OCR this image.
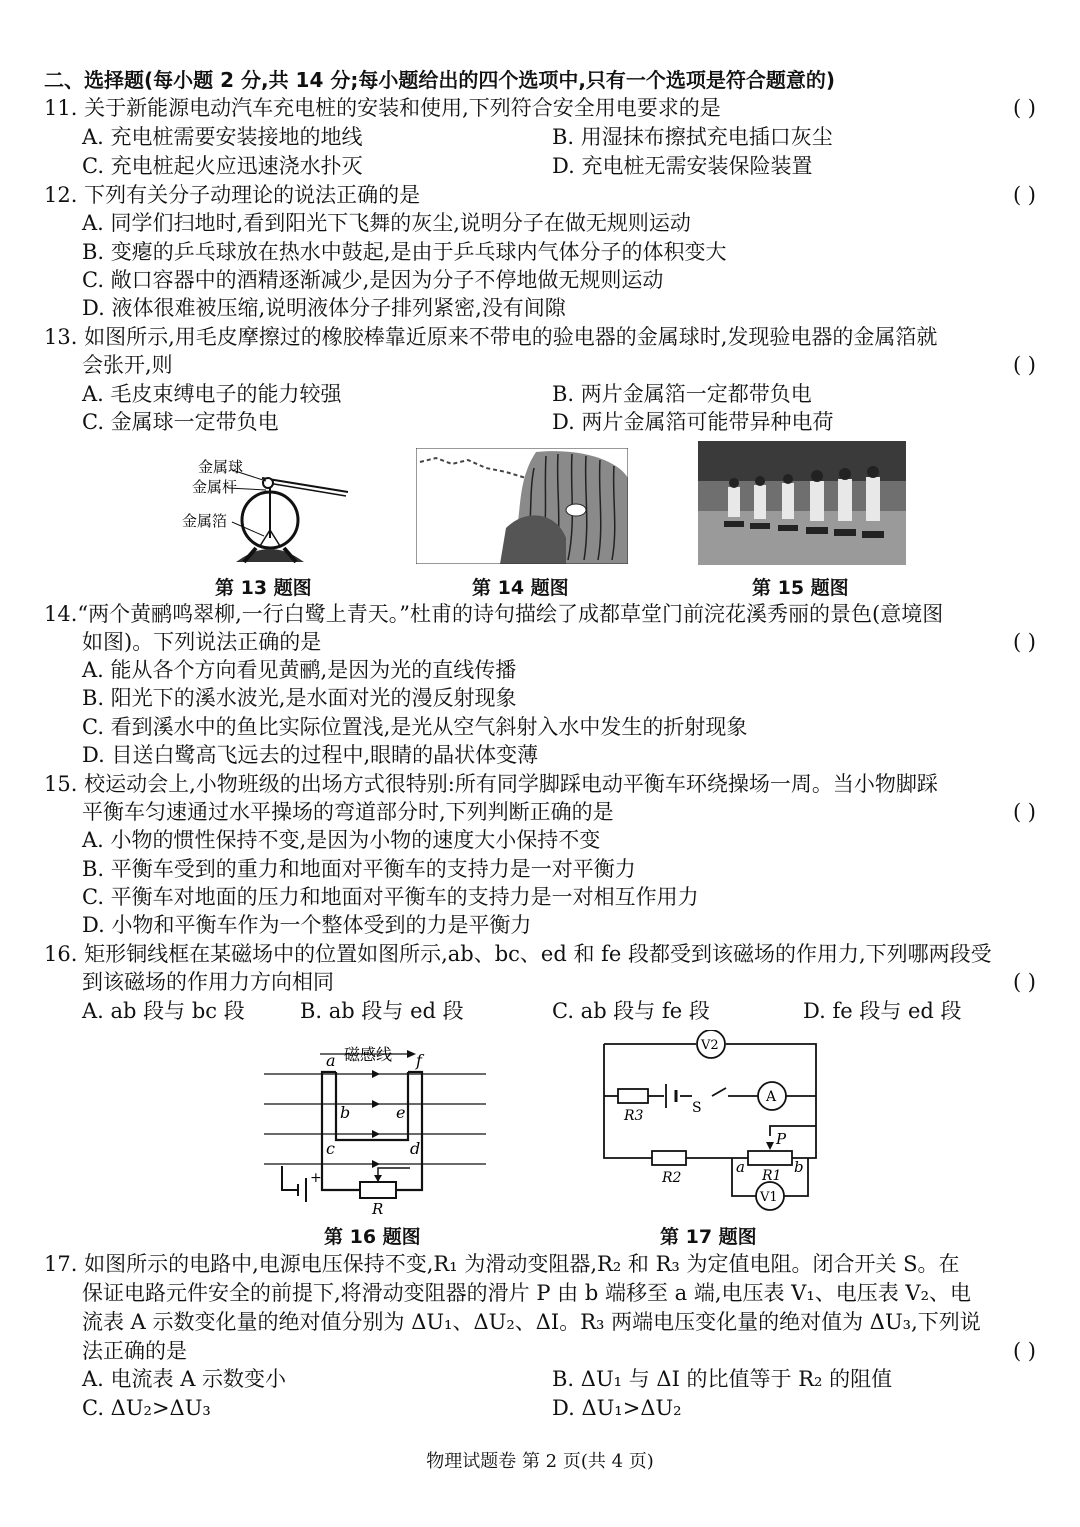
二、选择题(每小题 2 分,共 14 分;每小题给出的四个选项中,只有一个选项是符合题意的)
11. 关于新能源电动汽车充电桩的安装和使用,下列符合安全用电要求的是	( )
A. 充电桩需要安装接地的地线	B. 用湿抹布擦拭充电插口灰尘
C. 充电桩起火应迅速浇水扑灭	D. 充电桩无需安装保险装置
12. 下列有关分子动理论的说法正确的是	( )
A. 同学们扫地时,看到阳光下飞舞的灰尘,说明分子在做无规则运动
B. 变瘪的乒乓球放在热水中鼓起,是由于乒乓球内气体分子的体积变大
C. 敞口容器中的酒精逐渐减少,是因为分子不停地做无规则运动
D. 液体很难被压缩,说明液体分子排列紧密,没有间隙
13. 如图所示,用毛皮摩擦过的橡胶棒靠近原来不带电的验电器的金属球时,发现验电器的金属箔就
会张开,则	( )
A. 毛皮束缚电子的能力较强	B. 两片金属箔一定都带负电
C. 金属球一定带负电	D. 两片金属箔可能带异种电荷
金属球
金属杆
金属箔
第 13 题图	第 14 题图	第 15 题图
14.“两个黄鹂鸣翠柳,一行白鹭上青天。”杜甫的诗句描绘了成都草堂门前浣花溪秀丽的景色(意境图
如图)。下列说法正确的是	( )
A. 能从各个方向看见黄鹂,是因为光的直线传播
B. 阳光下的溪水波光,是水面对光的漫反射现象
C. 看到溪水中的鱼比实际位置浅,是光从空气斜射入水中发生的折射现象
D. 目送白鹭高飞远去的过程中,眼睛的晶状体变薄
15. 校运动会上,小物班级的出场方式很特别:所有同学脚踩电动平衡车环绕操场一周。当小物脚踩
平衡车匀速通过水平操场的弯道部分时,下列判断正确的是	( )
A. 小物的惯性保持不变,是因为小物的速度大小保持不变
B. 平衡车受到的重力和地面对平衡车的支持力是一对平衡力
C. 平衡车对地面的压力和地面对平衡车的支持力是一对相互作用力
D. 小物和平衡车作为一个整体受到的力是平衡力
16. 矩形铜线框在某磁场中的位置如图所示,ab、bc、ed 和 fe 段都受到该磁场的作用力,下列哪两段受
到该磁场的作用力方向相同	( )
A. ab 段与 bc 段	B. ab 段与 ed 段	C. ab 段与 fe 段	D. fe 段与 ed 段
磁感线
+
a	f
b	e
c	d
R
V2
A
V1
R3	S
R2
P
a R1 b
第 16 题图	第 17 题图
17. 如图所示的电路中,电源电压保持不变,R₁ 为滑动变阻器,R₂ 和 R₃ 为定值电阻。闭合开关 S。在
保证电路元件安全的前提下,将滑动变阻器的滑片 P 由 b 端移至 a 端,电压表 V₁、电压表 V₂、电
流表 A 示数变化量的绝对值分别为 ΔU₁、ΔU₂、ΔI。R₃ 两端电压变化量的绝对值为 ΔU₃,下列说
法正确的是	( )
A. 电流表 A 示数变小	B. ΔU₁ 与 ΔI 的比值等于 R₂ 的阻值
C. ΔU₂>ΔU₃	D. ΔU₁>ΔU₂
物理试题卷 第 2 页(共 4 页)
